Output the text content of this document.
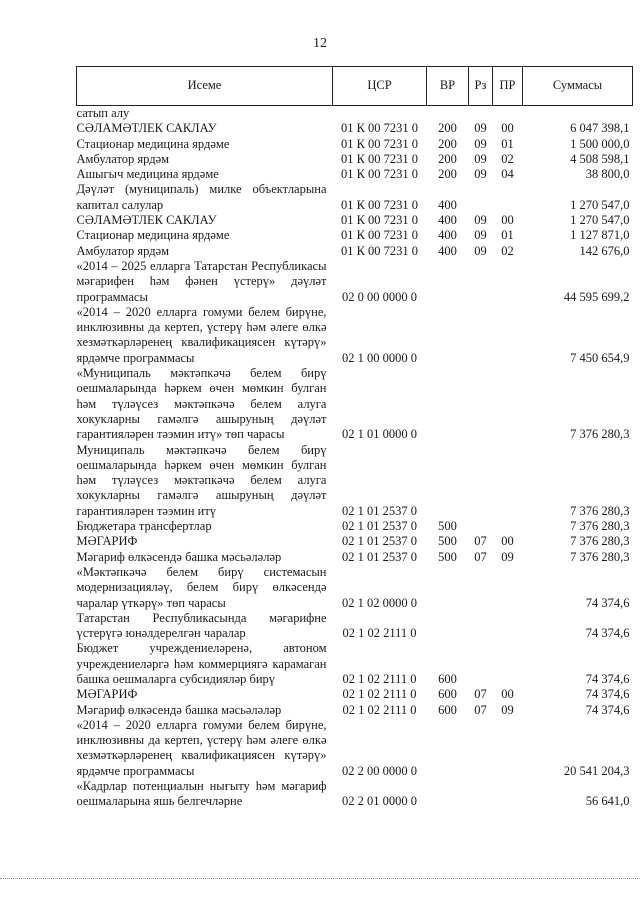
12
Исеме	ЦСР	ВР	Рз	ПР	Суммасы
сатып алу					
СӘЛАМӘТЛЕК САКЛАУ	01 К 00 7231 0	200	09	00	6 047 398,1
Стационар медицина ярдәме	01 К 00 7231 0	200	09	01	1 500 000,0
Амбулатор ярдәм	01 К 00 7231 0	200	09	02	4 508 598,1
Ашыгыч медицина ярдәме	01 К 00 7231 0	200	09	04	38 800,0
Дәүләт (муниципаль) милке объектларына капитал салулар	01 К 00 7231 0	400			1 270 547,0
СӘЛАМӘТЛЕК САКЛАУ	01 К 00 7231 0	400	09	00	1 270 547,0
Стационар медицина ярдәме	01 К 00 7231 0	400	09	01	1 127 871,0
Амбулатор ярдәм	01 К 00 7231 0	400	09	02	142 676,0
«2014 – 2025 елларга Татарстан Республикасы мәгарифен һәм фәнен үстерү» дәүләт программасы	02 0 00 0000 0				44 595 699,2
«2014 – 2020 елларга гомуми белем бирүне, инклюзивны да кертеп, үстерү һәм әлеге өлкә хезмәткәрләренең квалификациясен күтәрү» ярдәмче программасы	02 1 00 0000 0				7 450 654,9
«Муниципаль мәктәпкәчә белем бирү оешмаларында һәркем өчен мөмкин булган һәм түләүсез мәктәпкәчә белем алуга хокукларны гамәлгә ашыруның дәүләт гарантияләрен тәэмин итү» төп чарасы	02 1 01 0000 0				7 376 280,3
Муниципаль мәктәпкәчә белем бирү оешмаларында һәркем өчен мөмкин булган һәм түләүсез мәктәпкәчә белем алуга хокукларны гамәлгә ашыруның дәүләт гарантияләрен тәэмин итү	02 1 01 2537 0				7 376 280,3
Бюджетара трансфертлар	02 1 01 2537 0	500			7 376 280,3
МӘГАРИФ	02 1 01 2537 0	500	07	00	7 376 280,3
Мәгариф өлкәсендә башка мәсьәләләр	02 1 01 2537 0	500	07	09	7 376 280,3
«Мәктәпкәчә белем бирү системасын модернизацияләү, белем бирү өлкәсендә чаралар үткәрү» төп чарасы	02 1 02 0000 0				74 374,6
Татарстан Республикасында мәгарифне үстерүгә юнәлдерелгән чаралар	02 1 02 2111 0				74 374,6
Бюджет учреждениеләренә, автоном учреждениеләргә һәм коммерциягә карамаган башка оешмаларга субсидияләр бирү	02 1 02 2111 0	600			74 374,6
МӘГАРИФ	02 1 02 2111 0	600	07	00	74 374,6
Мәгариф өлкәсендә башка мәсьәләләр	02 1 02 2111 0	600	07	09	74 374,6
«2014 – 2020 елларга гомуми белем бирүне, инклюзивны да кертеп, үстерү һәм әлеге өлкә хезмәткәрләренең квалификациясен күтәрү» ярдәмче программасы	02 2 00 0000 0				20 541 204,3
«Кадрлар потенциалын нығыту һәм мәгариф оешмаларына яшь белгечләрне	02 2 01 0000 0				56 641,0
